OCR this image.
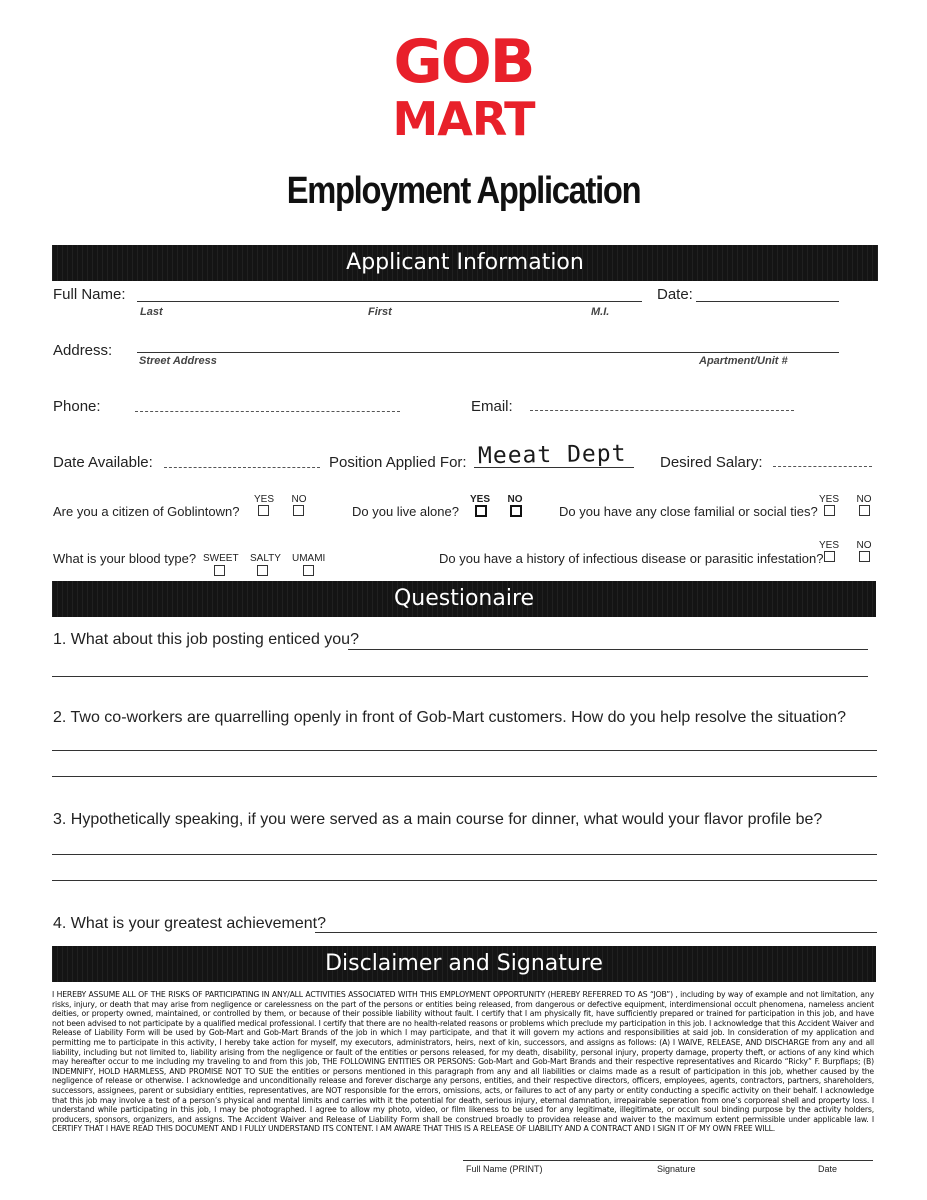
GOB
MART
Employment Application
Applicant Information
Full Name:
Last	First	M.I.
Date:
Address:
Street Address	Apartment/Unit #
Phone:	Email:
Date Available:	Position Applied For: Meeat Dept Desired Salary:
Are you a citizen of Goblintown?
YES	NO
Do you live alone?
YES	NO
Do you have any close familial or social ties?
YES	NO
What is your blood type? SWEET SALTY UMAMI	Do you have a history of infectious disease or parasitic infestation?
YES	NO
Questionaire
1. What about this job posting enticed you?
2. Two co-workers are quarrelling openly in front of Gob-Mart customers. How do you help resolve the situation?
3. Hypothetically speaking, if you were served as a main course for dinner, what would your flavor profile be?
4. What is your greatest achievement?
Disclaimer and Signature
I HEREBY ASSUME ALL OF THE RISKS OF PARTICIPATING IN ANY/ALL ACTIVITIES ASSOCIATED WITH THIS EMPLOYMENT OPPORTUNITY (HEREBY REFERRED TO AS “JOB”) , including by way of example and not limitation, any risks, injury, or death that may arise from negligence or carelessness on the part of the persons or entities being released, from dangerous or defective equipment, interdimensional occult phenomena, nameless ancient deities, or property owned, maintained, or controlled by them, or because of their possible liability without fault. I certify that I am physically fit, have sufficiently prepared or trained for participation in this job, and have not been advised to not participate by a qualified medical professional. I certify that there are no health-related reasons or problems which preclude my participation in this job. I acknowledge that this Accident Waiver and Release of Liability Form will be used by Gob-Mart and Gob-Mart Brands of the job in which I may participate, and that it will govern my actions and responsibilities at said job. In consideration of my application and permitting me to participate in this activity, I hereby take action for myself, my executors, administrators, heirs, next of kin, successors, and assigns as follows: (A) I WAIVE, RELEASE, AND DISCHARGE from any and all liability, including but not limited to, liability arising from the negligence or fault of the entities or persons released, for my death, disability, personal injury, property damage, property theft, or actions of any kind which may hereafter occur to me including my traveling to and from this job, THE FOLLOWING ENTITIES OR PERSONS: Gob-Mart and Gob-Mart Brands and their respective representatives and Ricardo “Ricky” F. Burpflaps; (B) INDEMNIFY, HOLD HARMLESS, AND PROMISE NOT TO SUE the entities or persons mentioned in this paragraph from any and all liabilities or claims made as a result of participation in this job, whether caused by the negligence of release or otherwise. I acknowledge and unconditionally release and forever discharge any persons, entities, and their respective directors, officers, employees, agents, contractors, partners, shareholders, successors, assignees, parent or subsidiary entities, representatives, are NOT responsible for the errors, omissions, acts, or failures to act of any party or entity conducting a specific activity on their behalf. I acknowledge that this job may involve a test of a person’s physical and mental limits and carries with it the potential for death, serious injury, eternal damnation, irrepairable seperation from one’s corporeal shell and property loss. I understand while participating in this job, I may be photographed. I agree to allow my photo, video, or film likeness to be used for any legitimate, illegitimate, or occult soul binding purpose by the activity holders, producers, sponsors, organizers, and assigns. The Accident Waiver and Release of Liability Form shall be construed broadly to providea release and waiver to the maximum extent permissible under applicable law. I CERTIFY THAT I HAVE READ THIS DOCUMENT AND I FULLY UNDERSTAND ITS CONTENT. I AM AWARE THAT THIS IS A RELEASE OF LIABILITY AND A CONTRACT AND I SIGN IT OF MY OWN FREE WILL.
Full Name (PRINT)	Signature	Date
